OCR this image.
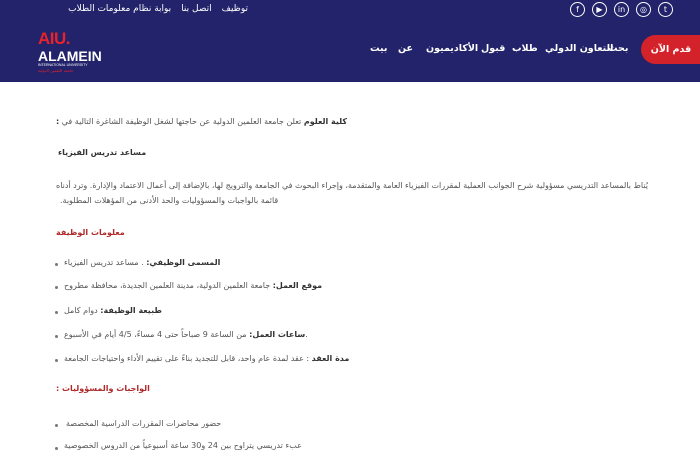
توظيف
اتصل بنا
بوابة نظام معلومات الطلاب	f	▶	in	◎	t
AIU.
ALAMEIN
INTERNATIONAL UNIVERSITY
جامعة العلمين الدولية
بيت عن الأكاديميون قبول طلاب التعاون الدولي
بحث	قدم الآن
:	كلية العلوم تعلن جامعة العلمين الدولية عن حاجتها لشغل الوظيفة الشاغرة التالية في
مساعد تدريس الفيزياء
يُناط بالمساعد التدريسي مسؤولية شرح الجوانب العملية لمقررات الفيزياء العامة والمتقدمة، وإجراء البحوث في الجامعة والترويج لها، بالإضافة إلى أعمال الاعتماد والإدارة. وترد أدناه
قائمة بالواجبات والمسؤوليات والحد الأدنى من المؤهلات المطلوبة.
معلومات الوظيفة
المسمى الوظيفي: . مساعد تدريس الفيزياء
موقع العمل: جامعة العلمين الدولية، مدينة العلمين الجديدة، محافظة مطروح
طبيعة الوظيفة: دوام كامل
ساعات العمل: من الساعة 9 صباحاً حتى 4 مساءً، 4/5 أيام في الأسبوع.
مدة العقد : عقد لمدة عام واحد، قابل للتجديد بناءً على تقييم الأداء واحتياجات الجامعة
الواجبات والمسؤوليات :
حضور محاضرات المقررات الدراسية المخصصة
عبء تدريسي يتراوح بين 24 و30 ساعة أسبوعياً من الدروس الخصوصية
